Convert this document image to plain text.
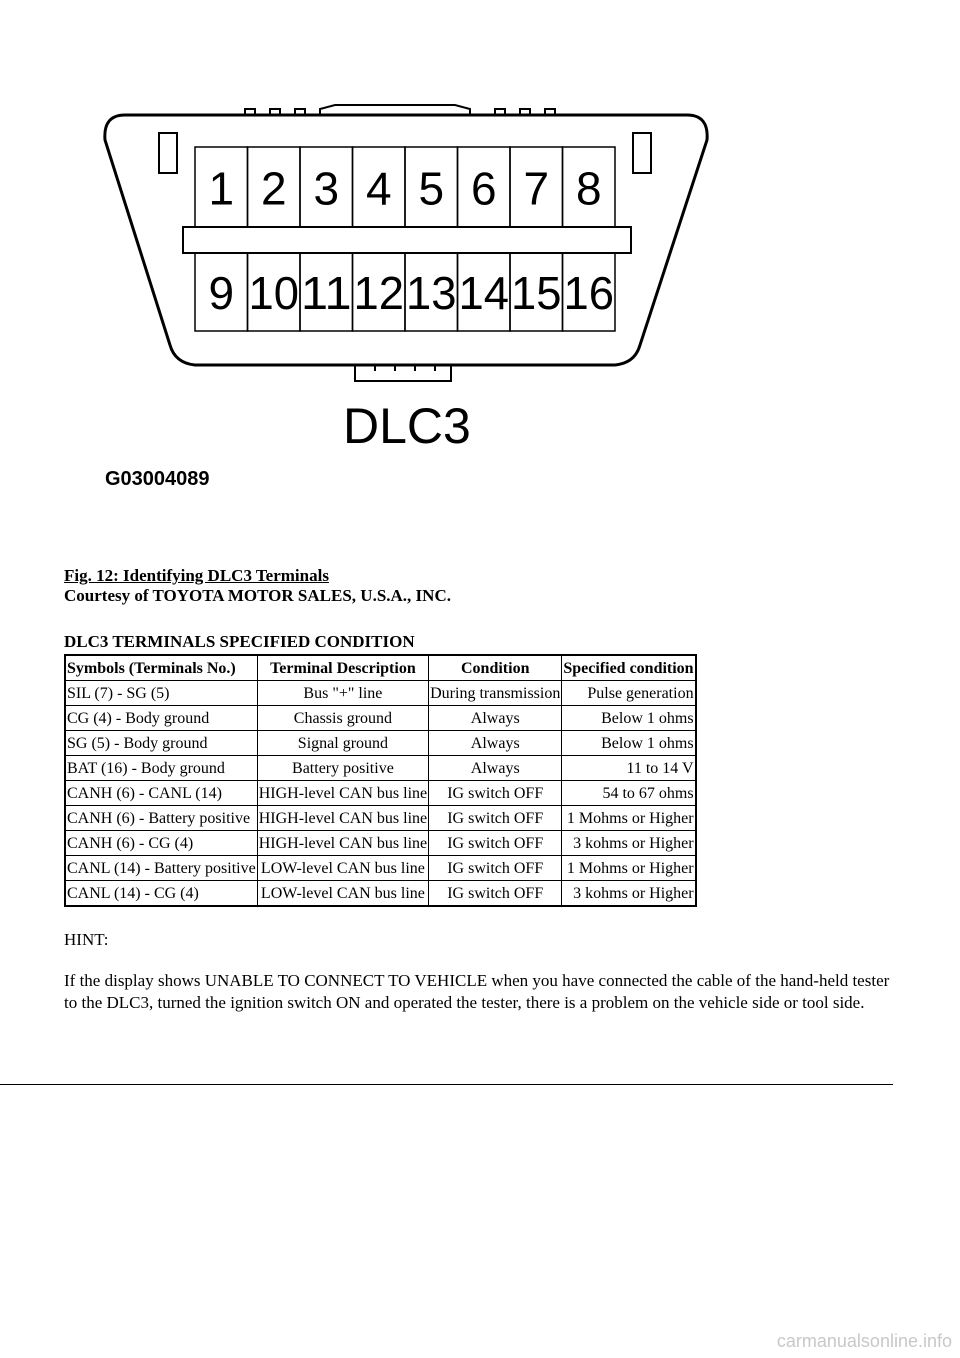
1 2 3 4 5 6 7 8
9 10 11 12 13 14 15 16
DLC3
G03004089
Fig. 12: Identifying DLC3 Terminals
Courtesy of TOYOTA MOTOR SALES, U.S.A., INC.
DLC3 TERMINALS SPECIFIED CONDITION
Symbols (Terminals No.)	Terminal Description	Condition	Specified condition
SIL (7) - SG (5)	Bus "+" line	During transmission	Pulse generation
CG (4) - Body ground	Chassis ground	Always	Below 1 ohms
SG (5) - Body ground	Signal ground	Always	Below 1 ohms
BAT (16) - Body ground	Battery positive	Always	11 to 14 V
CANH (6) - CANL (14)	HIGH-level CAN bus line	IG switch OFF	54 to 67 ohms
CANH (6) - Battery positive	HIGH-level CAN bus line	IG switch OFF	1 Mohms or Higher
CANH (6) - CG (4)	HIGH-level CAN bus line	IG switch OFF	3 kohms or Higher
CANL (14) - Battery positive	LOW-level CAN bus line	IG switch OFF	1 Mohms or Higher
CANL (14) - CG (4)	LOW-level CAN bus line	IG switch OFF	3 kohms or Higher
HINT:
If the display shows UNABLE TO CONNECT TO VEHICLE when you have connected the cable of the hand-held tester to the DLC3, turned the ignition switch ON and operated the tester, there is a problem on the vehicle side or tool side.
carmanualsonline.info
